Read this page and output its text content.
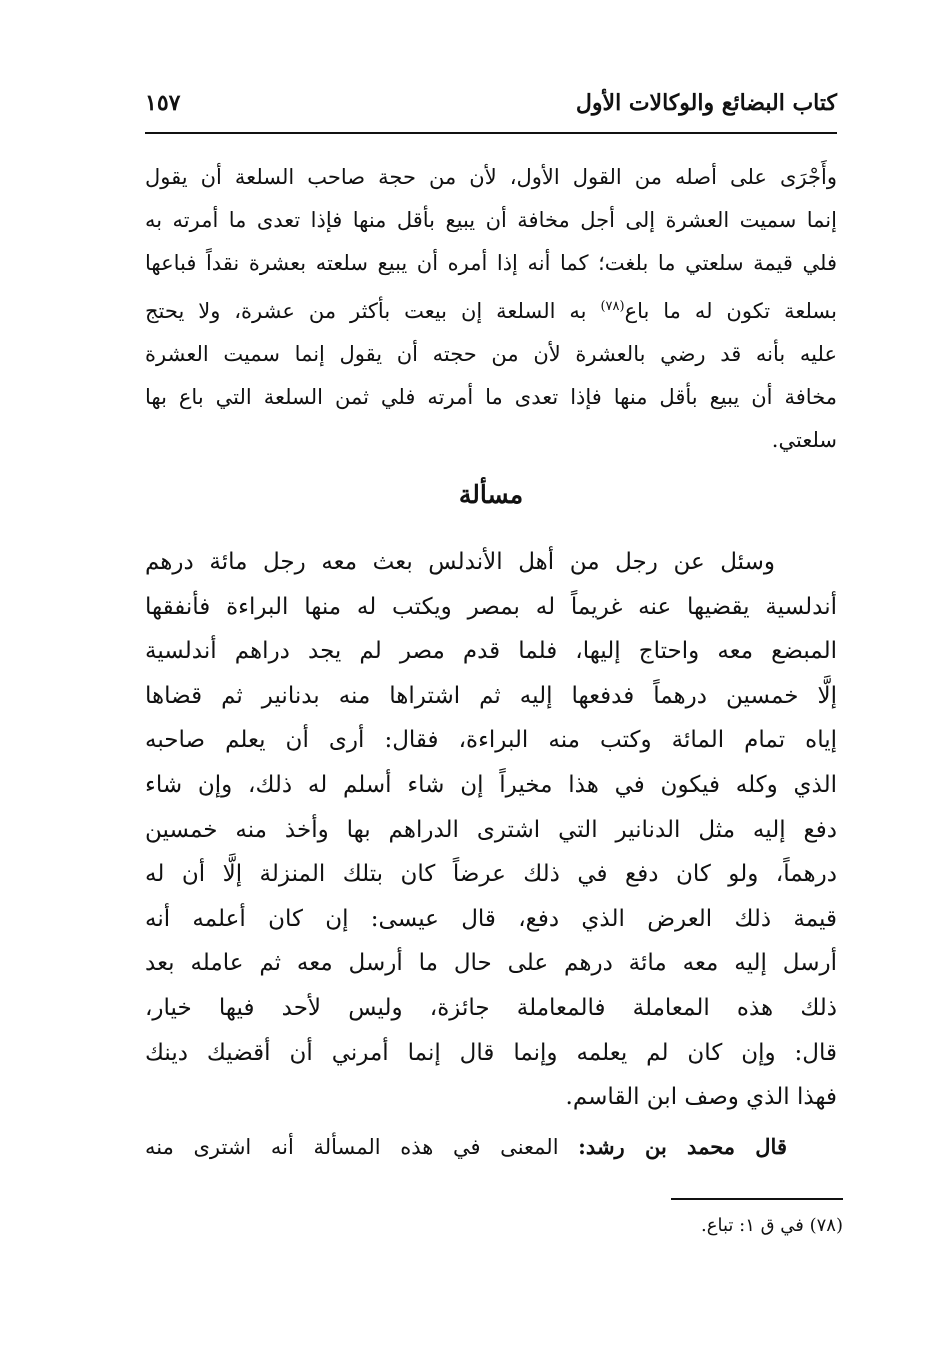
كتاب البضائع والوكالات الأول
١٥٧
وأَجْرَى على أصله من القول الأول، لأن من حجة صاحب السلعة أن يقول
إنما سميت العشرة إلى أجل مخافة أن يبيع بأقل منها فإذا تعدى ما أمرته به
فلي قيمة سلعتي ما بلغت؛ كما أنه إذا أمره أن يبيع سلعته بعشرة نقداً فباعها
بسلعة تكون له ما باع$^{(٧٨)}$ به السلعة إن بيعت بأكثر من عشرة، ولا يحتج
عليه بأنه قد رضي بالعشرة لأن من حجته أن يقول إنما سميت العشرة
مخافة أن يبيع بأقل منها فإذا تعدى ما أمرته فلي ثمن السلعة التي باع بها
سلعتي.
مسألة
وسئل عن رجل من أهل الأندلس بعث معه رجل مائة درهم
أندلسية يقضيها عنه غريماً له بمصر ويكتب له منها البراءة فأنفقها
المبضع معه واحتاج إليها، فلما قدم مصر لم يجد دراهم أندلسية
إلَّا خمسين درهماً فدفعها إليه ثم اشتراها منه بدنانير ثم قضاها
إياه تمام المائة وكتب منه البراءة، فقال: أرى أن يعلم صاحبه
الذي وكله فيكون في هذا مخيراً إن شاء أسلم له ذلك، وإن شاء
دفع إليه مثل الدنانير التي اشترى الدراهم بها وأخذ منه خمسين
درهماً، ولو كان دفع في ذلك عرضاً كان بتلك المنزلة إلَّا أن له
قيمة ذلك العرض الذي دفع، قال عيسى: إن كان أعلمه أنه
أرسل إليه معه مائة درهم على حال ما أرسل معه ثم عامله بعد
ذلك هذه المعاملة فالمعاملة جائزة، وليس لأحد فيها خيار،
قال: وإن كان لم يعلمه وإنما قال إنما أمرني أن أقضيك دينك
فهذا الذي وصف ابن القاسم.
قال محمد بن رشد: المعنى في هذه المسألة أنه اشترى منه
(٧٨) في ق ١: تباع.
